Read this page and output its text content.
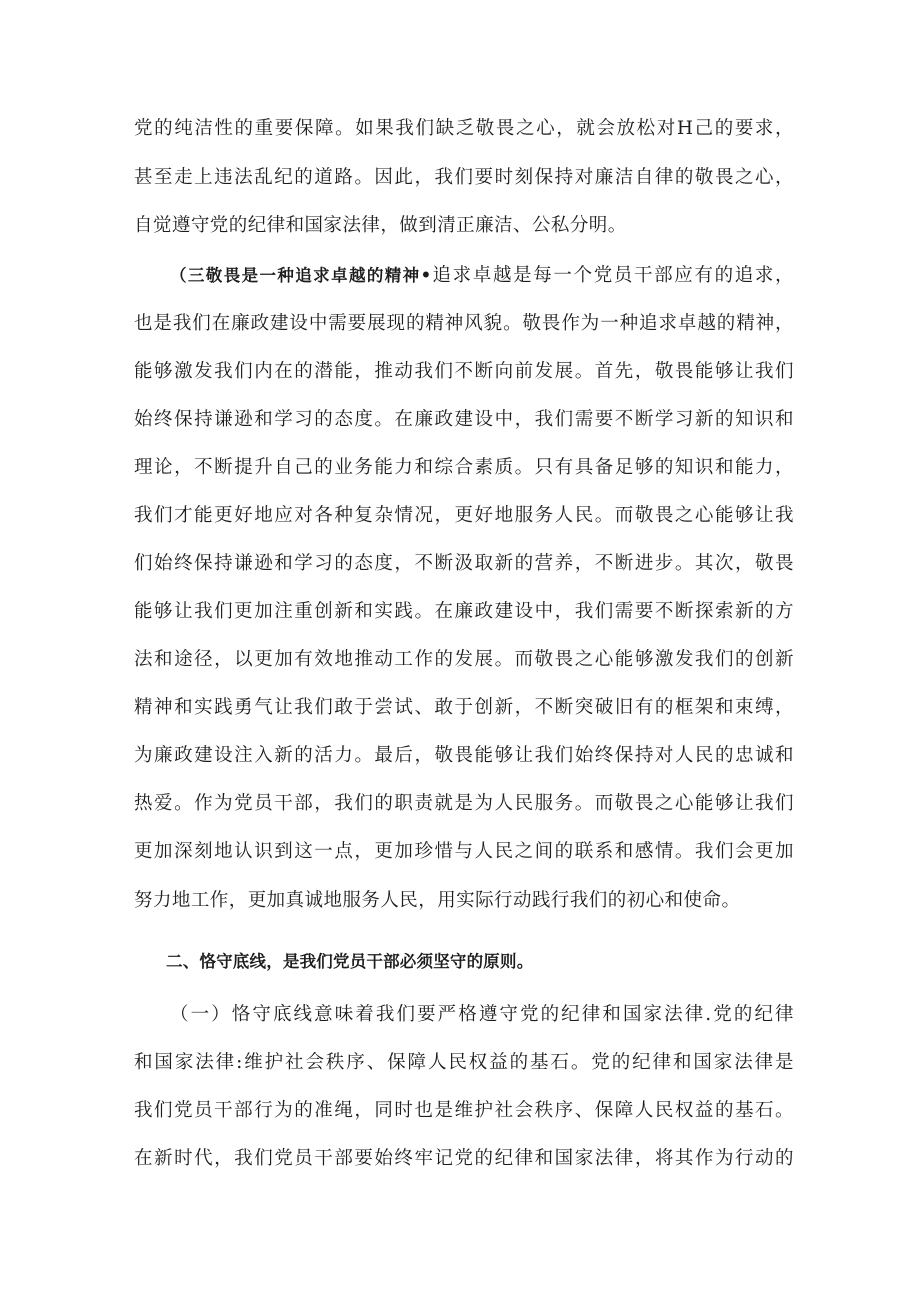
党的纯洁性的重要保障。如果我们缺乏敬畏之心，就会放松对H己的要求，
甚至走上违法乱纪的道路。因此，我们要时刻保持对廉洁自律的敬畏之心，
自觉遵守党的纪律和国家法律，做到清正廉洁、公私分明。
（三敬畏是一种追求卓越的精神•追求卓越是每一个党员干部应有的追求，
也是我们在廉政建设中需要展现的精神风貌。敬畏作为一种追求卓越的精神，
能够激发我们内在的潜能，推动我们不断向前发展。首先，敬畏能够让我们
始终保持谦逊和学习的态度。在廉政建设中，我们需要不断学习新的知识和
理论，不断提升自己的业务能力和综合素质。只有具备足够的知识和能力，
我们才能更好地应对各种复杂情况，更好地服务人民。而敬畏之心能够让我
们始终保持谦逊和学习的态度，不断汲取新的营养，不断进步。其次，敬畏
能够让我们更加注重创新和实践。在廉政建设中，我们需要不断探索新的方
法和途径，以更加有效地推动工作的发展。而敬畏之心能够激发我们的创新
精神和实践勇气让我们敢于尝试、敢于创新，不断突破旧有的框架和束缚，
为廉政建设注入新的活力。最后，敬畏能够让我们始终保持对人民的忠诚和
热爱。作为党员干部，我们的职责就是为人民服务。而敬畏之心能够让我们
更加深刻地认识到这一点，更加珍惜与人民之间的联系和感情。我们会更加
努力地工作，更加真诚地服务人民，用实际行动践行我们的初心和使命。
二、恪守底线，是我们党员干部必须坚守的原则。
（一）恪守底线意味着我们要严格遵守党的纪律和国家法律.党的纪律
和国家法律:维护社会秩序、保障人民权益的基石。党的纪律和国家法律是
我们党员干部行为的准绳，同时也是维护社会秩序、保障人民权益的基石。
在新时代，我们党员干部要始终牢记党的纪律和国家法律，将其作为行动的
